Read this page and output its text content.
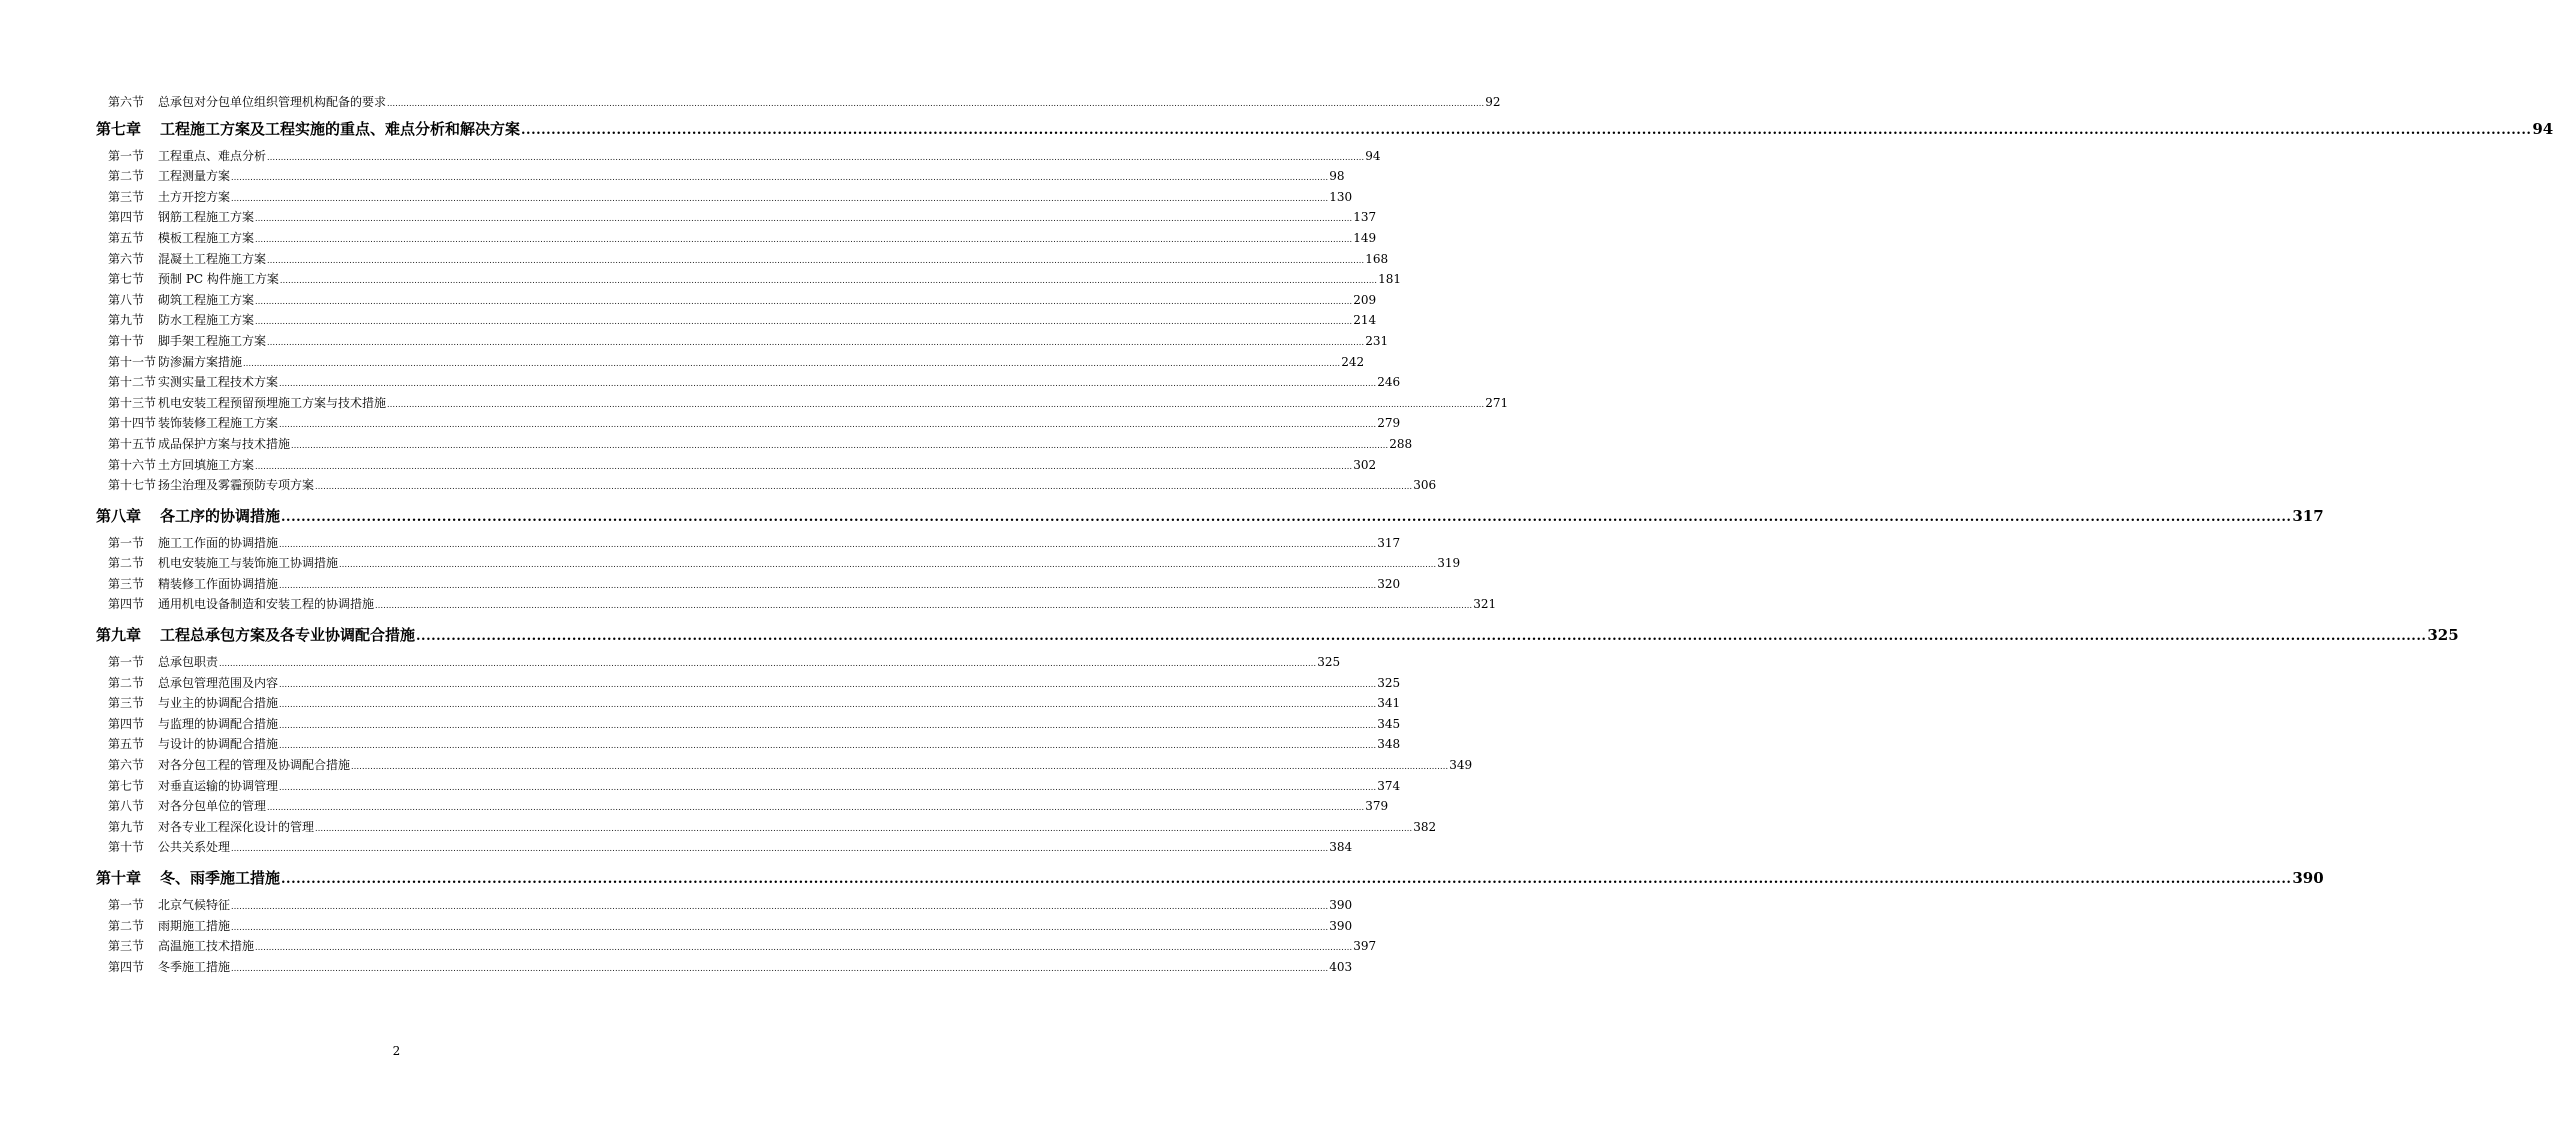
第六节	总承包对分包单位组织管理机构配备的要求 ................................................................................................................................................................................................................................................................................................................................................................................................................ 92
第七章	工程施工方案及工程实施的重点、难点分析和解决方案 ................................................................................................................................................................................................................................................................................................................................................................................................................ 94
第一节	工程重点、难点分析 ................................................................................................................................................................................................................................................................................................................................................................................................................ 94
第二节	工程测量方案 ................................................................................................................................................................................................................................................................................................................................................................................................................ 98
第三节	土方开挖方案 ................................................................................................................................................................................................................................................................................................................................................................................................................ 130
第四节	钢筋工程施工方案 ................................................................................................................................................................................................................................................................................................................................................................................................................ 137
第五节	模板工程施工方案 ................................................................................................................................................................................................................................................................................................................................................................................................................ 149
第六节	混凝土工程施工方案 ................................................................................................................................................................................................................................................................................................................................................................................................................ 168
第七节	预制 PC 构件施工方案 ................................................................................................................................................................................................................................................................................................................................................................................................................ 181
第八节	砌筑工程施工方案 ................................................................................................................................................................................................................................................................................................................................................................................................................ 209
第九节	防水工程施工方案 ................................................................................................................................................................................................................................................................................................................................................................................................................ 214
第十节	脚手架工程施工方案 ................................................................................................................................................................................................................................................................................................................................................................................................................ 231
第十一节 防渗漏方案措施 ................................................................................................................................................................................................................................................................................................................................................................................................................ 242
第十二节 实测实量工程技术方案 ................................................................................................................................................................................................................................................................................................................................................................................................................ 246
第十三节 机电安装工程预留预埋施工方案与技术措施 ................................................................................................................................................................................................................................................................................................................................................................................................................ 271
第十四节 装饰装修工程施工方案 ................................................................................................................................................................................................................................................................................................................................................................................................................ 279
第十五节 成品保护方案与技术措施 ................................................................................................................................................................................................................................................................................................................................................................................................................ 288
第十六节 土方回填施工方案 ................................................................................................................................................................................................................................................................................................................................................................................................................ 302
第十七节 扬尘治理及雾霾预防专项方案 ................................................................................................................................................................................................................................................................................................................................................................................................................ 306
第八章	各工序的协调措施 ................................................................................................................................................................................................................................................................................................................................................................................................................ 317
第一节	施工工作面的协调措施 ................................................................................................................................................................................................................................................................................................................................................................................................................ 317
第二节	机电安装施工与装饰施工协调措施 ................................................................................................................................................................................................................................................................................................................................................................................................................ 319
第三节	精装修工作面协调措施 ................................................................................................................................................................................................................................................................................................................................................................................................................ 320
第四节	通用机电设备制造和安装工程的协调措施 ................................................................................................................................................................................................................................................................................................................................................................................................................ 321
第九章	工程总承包方案及各专业协调配合措施 ................................................................................................................................................................................................................................................................................................................................................................................................................ 325
第一节	总承包职责 ................................................................................................................................................................................................................................................................................................................................................................................................................ 325
第二节	总承包管理范围及内容 ................................................................................................................................................................................................................................................................................................................................................................................................................ 325
第三节	与业主的协调配合措施 ................................................................................................................................................................................................................................................................................................................................................................................................................ 341
第四节	与监理的协调配合措施 ................................................................................................................................................................................................................................................................................................................................................................................................................ 345
第五节	与设计的协调配合措施 ................................................................................................................................................................................................................................................................................................................................................................................................................ 348
第六节	对各分包工程的管理及协调配合措施 ................................................................................................................................................................................................................................................................................................................................................................................................................ 349
第七节	对垂直运输的协调管理 ................................................................................................................................................................................................................................................................................................................................................................................................................ 374
第八节	对各分包单位的管理 ................................................................................................................................................................................................................................................................................................................................................................................................................ 379
第九节	对各专业工程深化设计的管理 ................................................................................................................................................................................................................................................................................................................................................................................................................ 382
第十节	公共关系处理 ................................................................................................................................................................................................................................................................................................................................................................................................................ 384
第十章	冬、雨季施工措施 ................................................................................................................................................................................................................................................................................................................................................................................................................ 390
第一节	北京气候特征 ................................................................................................................................................................................................................................................................................................................................................................................................................ 390
第二节	雨期施工措施 ................................................................................................................................................................................................................................................................................................................................................................................................................ 390
第三节	高温施工技术措施 ................................................................................................................................................................................................................................................................................................................................................................................................................ 397
第四节	冬季施工措施 ................................................................................................................................................................................................................................................................................................................................................................................................................ 403
2
